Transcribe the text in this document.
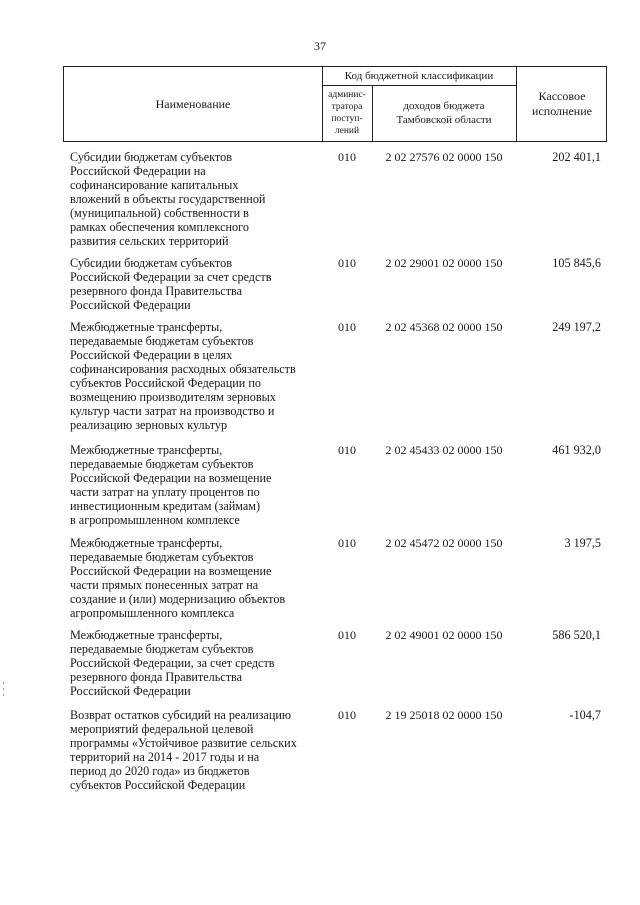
37
Наименование
Код бюджетной классификации
админис-
тратора
поступ-
лений
доходов бюджета
Тамбовской области
Кассовое
исполнение
Субсидии бюджетам субъектов
Российской Федерации на
софинансирование капитальных
вложений в объекты государственной
(муниципальной) собственности в
рамках обеспечения комплексного
развития сельских территорий
010	2 02 27576 02 0000 150	202 401,1
Субсидии бюджетам субъектов
Российской Федерации за счет средств
резервного фонда Правительства
Российской Федерации
010	2 02 29001 02 0000 150	105 845,6
Межбюджетные трансферты,
передаваемые бюджетам субъектов
Российской Федерации в целях
софинансирования расходных обязательств
субъектов Российской Федерации по
возмещению производителям зерновых
культур части затрат на производство и
реализацию зерновых культур
010	2 02 45368 02 0000 150	249 197,2
Межбюджетные трансферты,
передаваемые бюджетам субъектов
Российской Федерации на возмещение
части затрат на уплату процентов по
инвестиционным кредитам (займам)
в агропромышленном комплексе
010	2 02 45433 02 0000 150	461 932,0
Межбюджетные трансферты,
передаваемые бюджетам субъектов
Российской Федерации на возмещение
части прямых понесенных затрат на
создание и (или) модернизацию объектов
агропромышленного комплекса
010	2 02 45472 02 0000 150	3 197,5
Межбюджетные трансферты,
передаваемые бюджетам субъектов
Российской Федерации, за счет средств
резервного фонда Правительства
Российской Федерации
010	2 02 49001 02 0000 150	586 520,1
Возврат остатков субсидий на реализацию
мероприятий федеральной целевой
программы «Устойчивое развитие сельских
территорий на 2014 - 2017 годы и на
период до 2020 года» из бюджетов
субъектов Российской Федерации
010	2 19 25018 02 0000 150	-104,7
